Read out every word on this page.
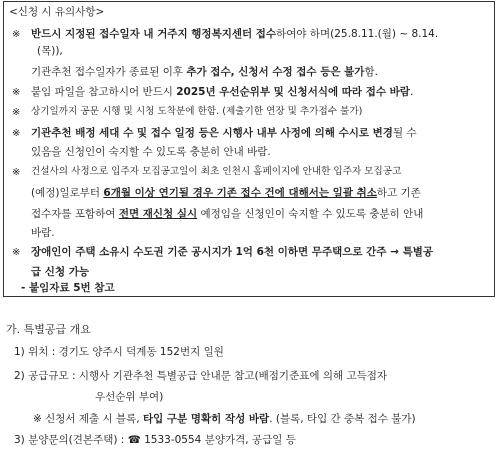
<신청 시 유의사항>
※ 반드시 지정된 접수일자 내 거주지 행정복지센터 접수하여야 하며(25.8.11.(월) ~ 8.14.
(목)),
기관추천 접수일자가 종료된 이후 추가 접수, 신청서 수정 접수 등은 불가함.
※ 붙임 파일을 참고하시어 반드시 2025년 우선순위부 및 신청서식에 따라 접수 바람.
※ 상기일까지 공문 시행 및 시청 도착분에 한함. (제출기한 연장 및 추가접수 불가)
※ 기관추천 배정 세대 수 및 접수 일정 등은 시행사 내부 사정에 의해 수시로 변경될 수
있음을 신청인이 숙지할 수 있도록 충분히 안내 바람.
※ 건설사의 사정으로 입주자 모집공고일이 최초 인천시 홈페이지에 안내한 입주자 모집공고
(예정)일로부터 6개월 이상 연기될 경우 기존 접수 건에 대해서는 일괄 취소하고 기존
접수자를 포함하여 전면 재신청 실시 예정임을 신청인이 숙지할 수 있도록 충분히 안내
바람.
※ 장애인이 주택 소유시 수도권 기준 공시지가 1억 6천 이하면 무주택으로 간주 → 특별공
급 신청 가능
- 붙임자료 5번 참고
가. 특별공급 개요
1) 위치 : 경기도 양주시 덕계동 152번지 일원
2) 공급규모 : 시행사 기관추천 특별공급 안내문 참고(배점기준표에 의해 고득점자
우선순위 부여)
※ 신청서 제출 시 블록, 타입 구분 명확히 작성 바람. (블록, 타입 간 중복 접수 불가)
3) 분양문의(견본주택) : ☎ 1533-0554 분양가격, 공급일 등
